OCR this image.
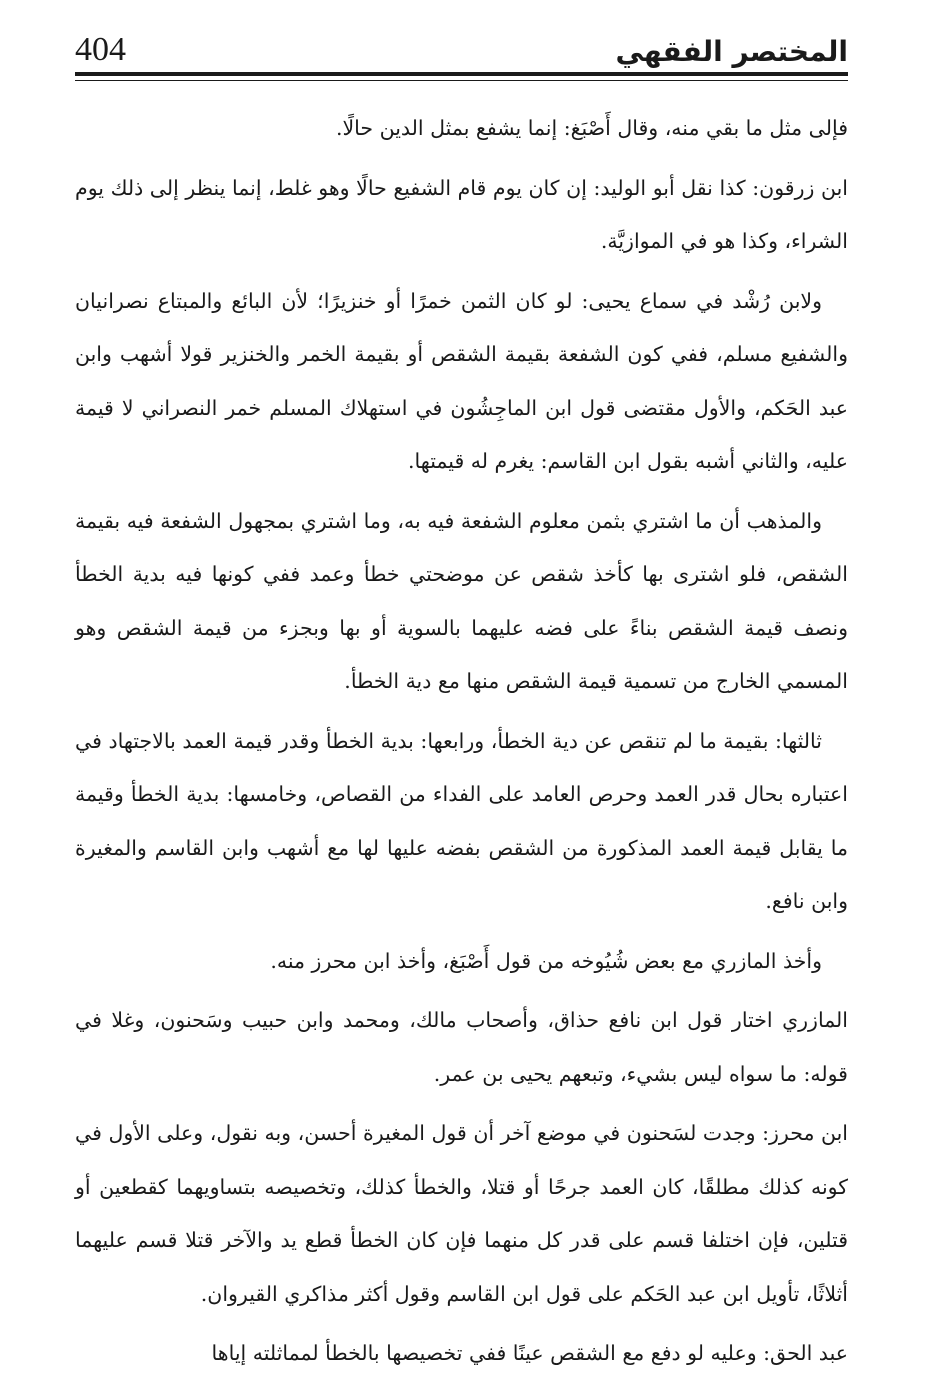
404	المختصر الفقهي

فإلى مثل ما بقي منه، وقال أَصْبَغ: إنما يشفع بمثل الدين حالًا.

ابن زرقون: كذا نقل أبو الوليد: إن كان يوم قام الشفيع حالًا وهو غلط، إنما ينظر إلى ذلك يوم الشراء، وكذا هو في الموازيَّة.

ولابن رُشْد في سماع يحيى: لو كان الثمن خمرًا أو خنزيرًا؛ لأن البائع والمبتاع نصرانيان والشفيع مسلم، ففي كون الشفعة بقيمة الشقص أو بقيمة الخمر والخنزير قولا أشهب وابن عبد الحَكم، والأول مقتضى قول ابن الماجِشُون في استهلاك المسلم خمر النصراني لا قيمة عليه، والثاني أشبه بقول ابن القاسم: يغرم له قيمتها.

والمذهب أن ما اشتري بثمن معلوم الشفعة فيه به، وما اشتري بمجهول الشفعة فيه بقيمة الشقص، فلو اشترى بها كأخذ شقص عن موضحتي خطأ وعمد ففي كونها فيه بدية الخطأ ونصف قيمة الشقص بناءً على فضه عليهما بالسوية أو بها وبجزء من قيمة الشقص وهو المسمي الخارج من تسمية قيمة الشقص منها مع دية الخطأ.

ثالثها: بقيمة ما لم تنقص عن دية الخطأ، ورابعها: بدية الخطأ وقدر قيمة العمد بالاجتهاد في اعتباره بحال قدر العمد وحرص العامد على الفداء من القصاص، وخامسها: بدية الخطأ وقيمة ما يقابل قيمة العمد المذكورة من الشقص بفضه عليها لها مع أشهب وابن القاسم والمغيرة وابن نافع.

وأخذ المازري مع بعض شُيُوخه من قول أَصْبَغ، وأخذ ابن محرز منه.

المازري اختار قول ابن نافع حذاق، وأصحاب مالك، ومحمد وابن حبيب وسَحنون، وغلا في قوله: ما سواه ليس بشيء، وتبعهم يحيى بن عمر.

ابن محرز: وجدت لسَحنون في موضع آخر أن قول المغيرة أحسن، وبه نقول، وعلى الأول في كونه كذلك مطلقًا، كان العمد جرحًا أو قتلا، والخطأ كذلك، وتخصيصه بتساويهما كقطعين أو قتلين، فإن اختلفا قسم على قدر كل منهما فإن كان الخطأ قطع يد والآخر قتلا قسم عليهما أثلاثًا، تأويل ابن عبد الحَكم على قول ابن القاسم وقول أكثر مذاكري القيروان.

عبد الحق: وعليه لو دفع مع الشقص عينًا ففي تخصيصها بالخطأ لمماثلته إياها
